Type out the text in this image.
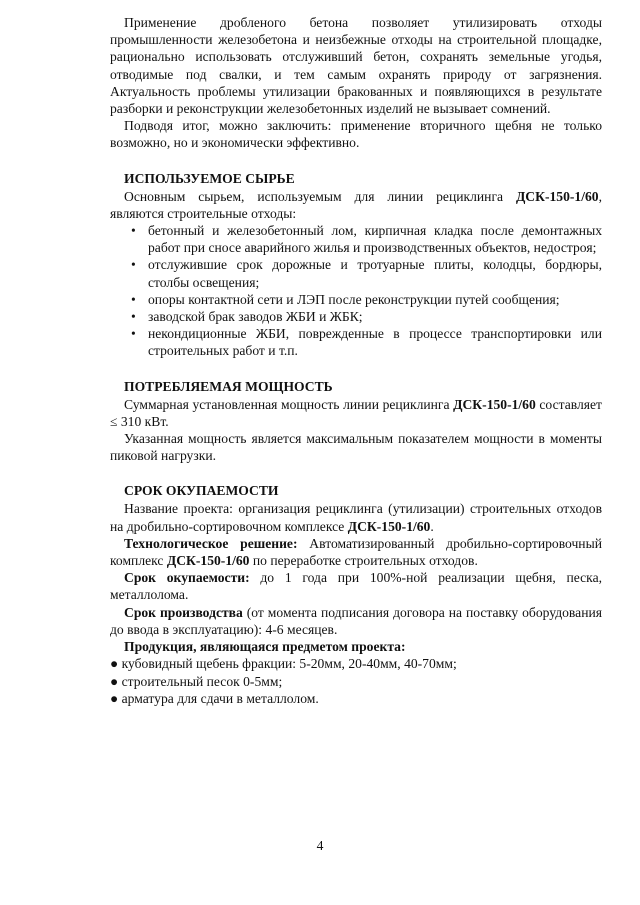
Применение дробленого бетона позволяет утилизировать отходы промышленности железобетона и неизбежные отходы на строительной площадке, рационально использовать отслуживший бетон, сохранять земельные угодья, отводимые под свалки, и тем самым охранять природу от загрязнения. Актуальность проблемы утилизации бракованных и появляющихся в результате разборки и реконструкции железобетонных изделий не вызывает сомнений.

Подводя итог, можно заключить: применение вторичного щебня не только возможно, но и экономически эффективно.

ИСПОЛЬЗУЕМОЕ СЫРЬЕ

Основным сырьем, используемым для линии рециклинга ДСК-150-1/60, являются строительные отходы:

• бетонный и железобетонный лом, кирпичная кладка после демонтажных работ при сносе аварийного жилья и производственных объектов, недостроя;
• отслужившие срок дорожные и тротуарные плиты, колодцы, бордюры, столбы освещения;
• опоры контактной сети и ЛЭП после реконструкции путей сообщения;
• заводской брак заводов ЖБИ и ЖБК;
• некондиционные ЖБИ, поврежденные в процессе транспортировки или строительных работ и т.п.
ПОТРЕБЛЯЕМАЯ МОЩНОСТЬ

Суммарная установленная мощность линии рециклинга ДСК-150-1/60 составляет ≤ 310 кВт.

Указанная мощность является максимальным показателем мощности в моменты пиковой нагрузки.

СРОК ОКУПАЕМОСТИ

Название проекта: организация рециклинга (утилизации) строительных отходов на дробильно-сортировочном комплексе ДСК-150-1/60.

Технологическое решение: Автоматизированный дробильно-сортировочный комплекс ДСК-150-1/60 по переработке строительных отходов.

Срок окупаемости: до 1 года при 100%-ной реализации щебня, песка, металлолома.

Срок производства (от момента подписания договора на поставку оборудования до ввода в эксплуатацию): 4-6 месяцев.

Продукция, являющаяся предметом проекта:

● кубовидный щебень фракции: 5-20мм, 20-40мм, 40-70мм;
● строительный песок 0-5мм;
● арматура для сдачи в металлолом.
4
